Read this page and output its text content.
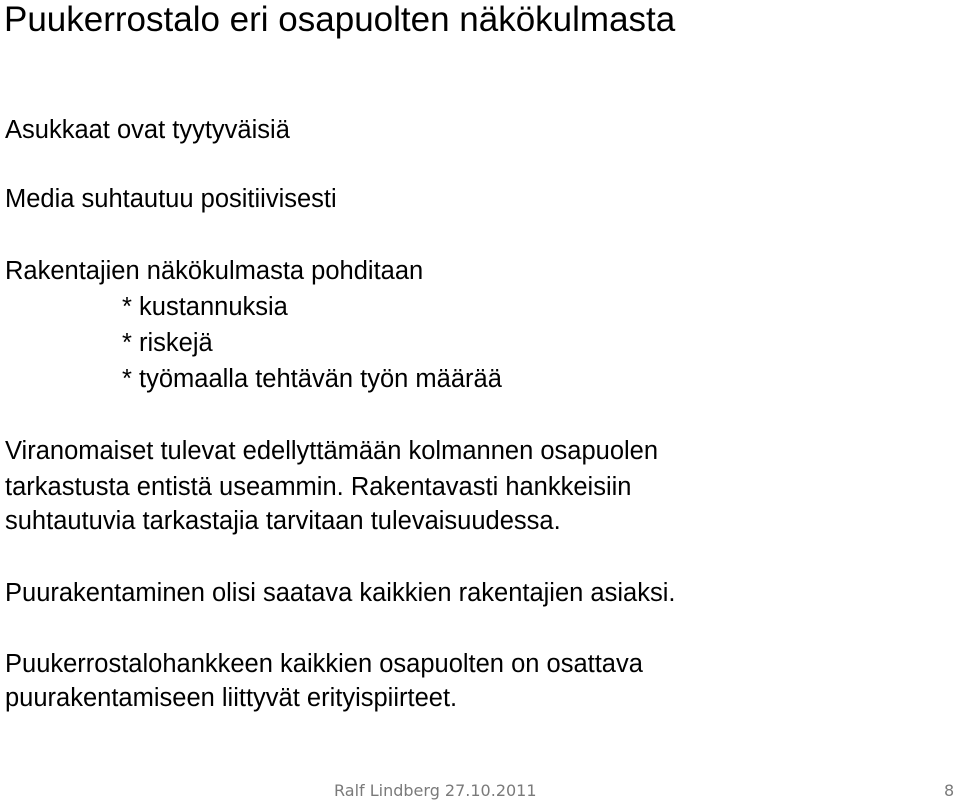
Puukerrostalo eri osapuolten näkökulmasta
Asukkaat ovat tyytyväisiä
Media suhtautuu positiivisesti
Rakentajien näkökulmasta pohditaan
* kustannuksia
* riskejä
* työmaalla tehtävän työn määrää
Viranomaiset tulevat edellyttämään kolmannen osapuolen
tarkastusta entistä useammin. Rakentavasti hankkeisiin
suhtautuvia tarkastajia tarvitaan tulevaisuudessa.
Puurakentaminen olisi saatava kaikkien rakentajien asiaksi.
Puukerrostalohankkeen kaikkien osapuolten on osattava
puurakentamiseen liittyvät erityispiirteet.
Ralf Lindberg 27.10.2011	8
